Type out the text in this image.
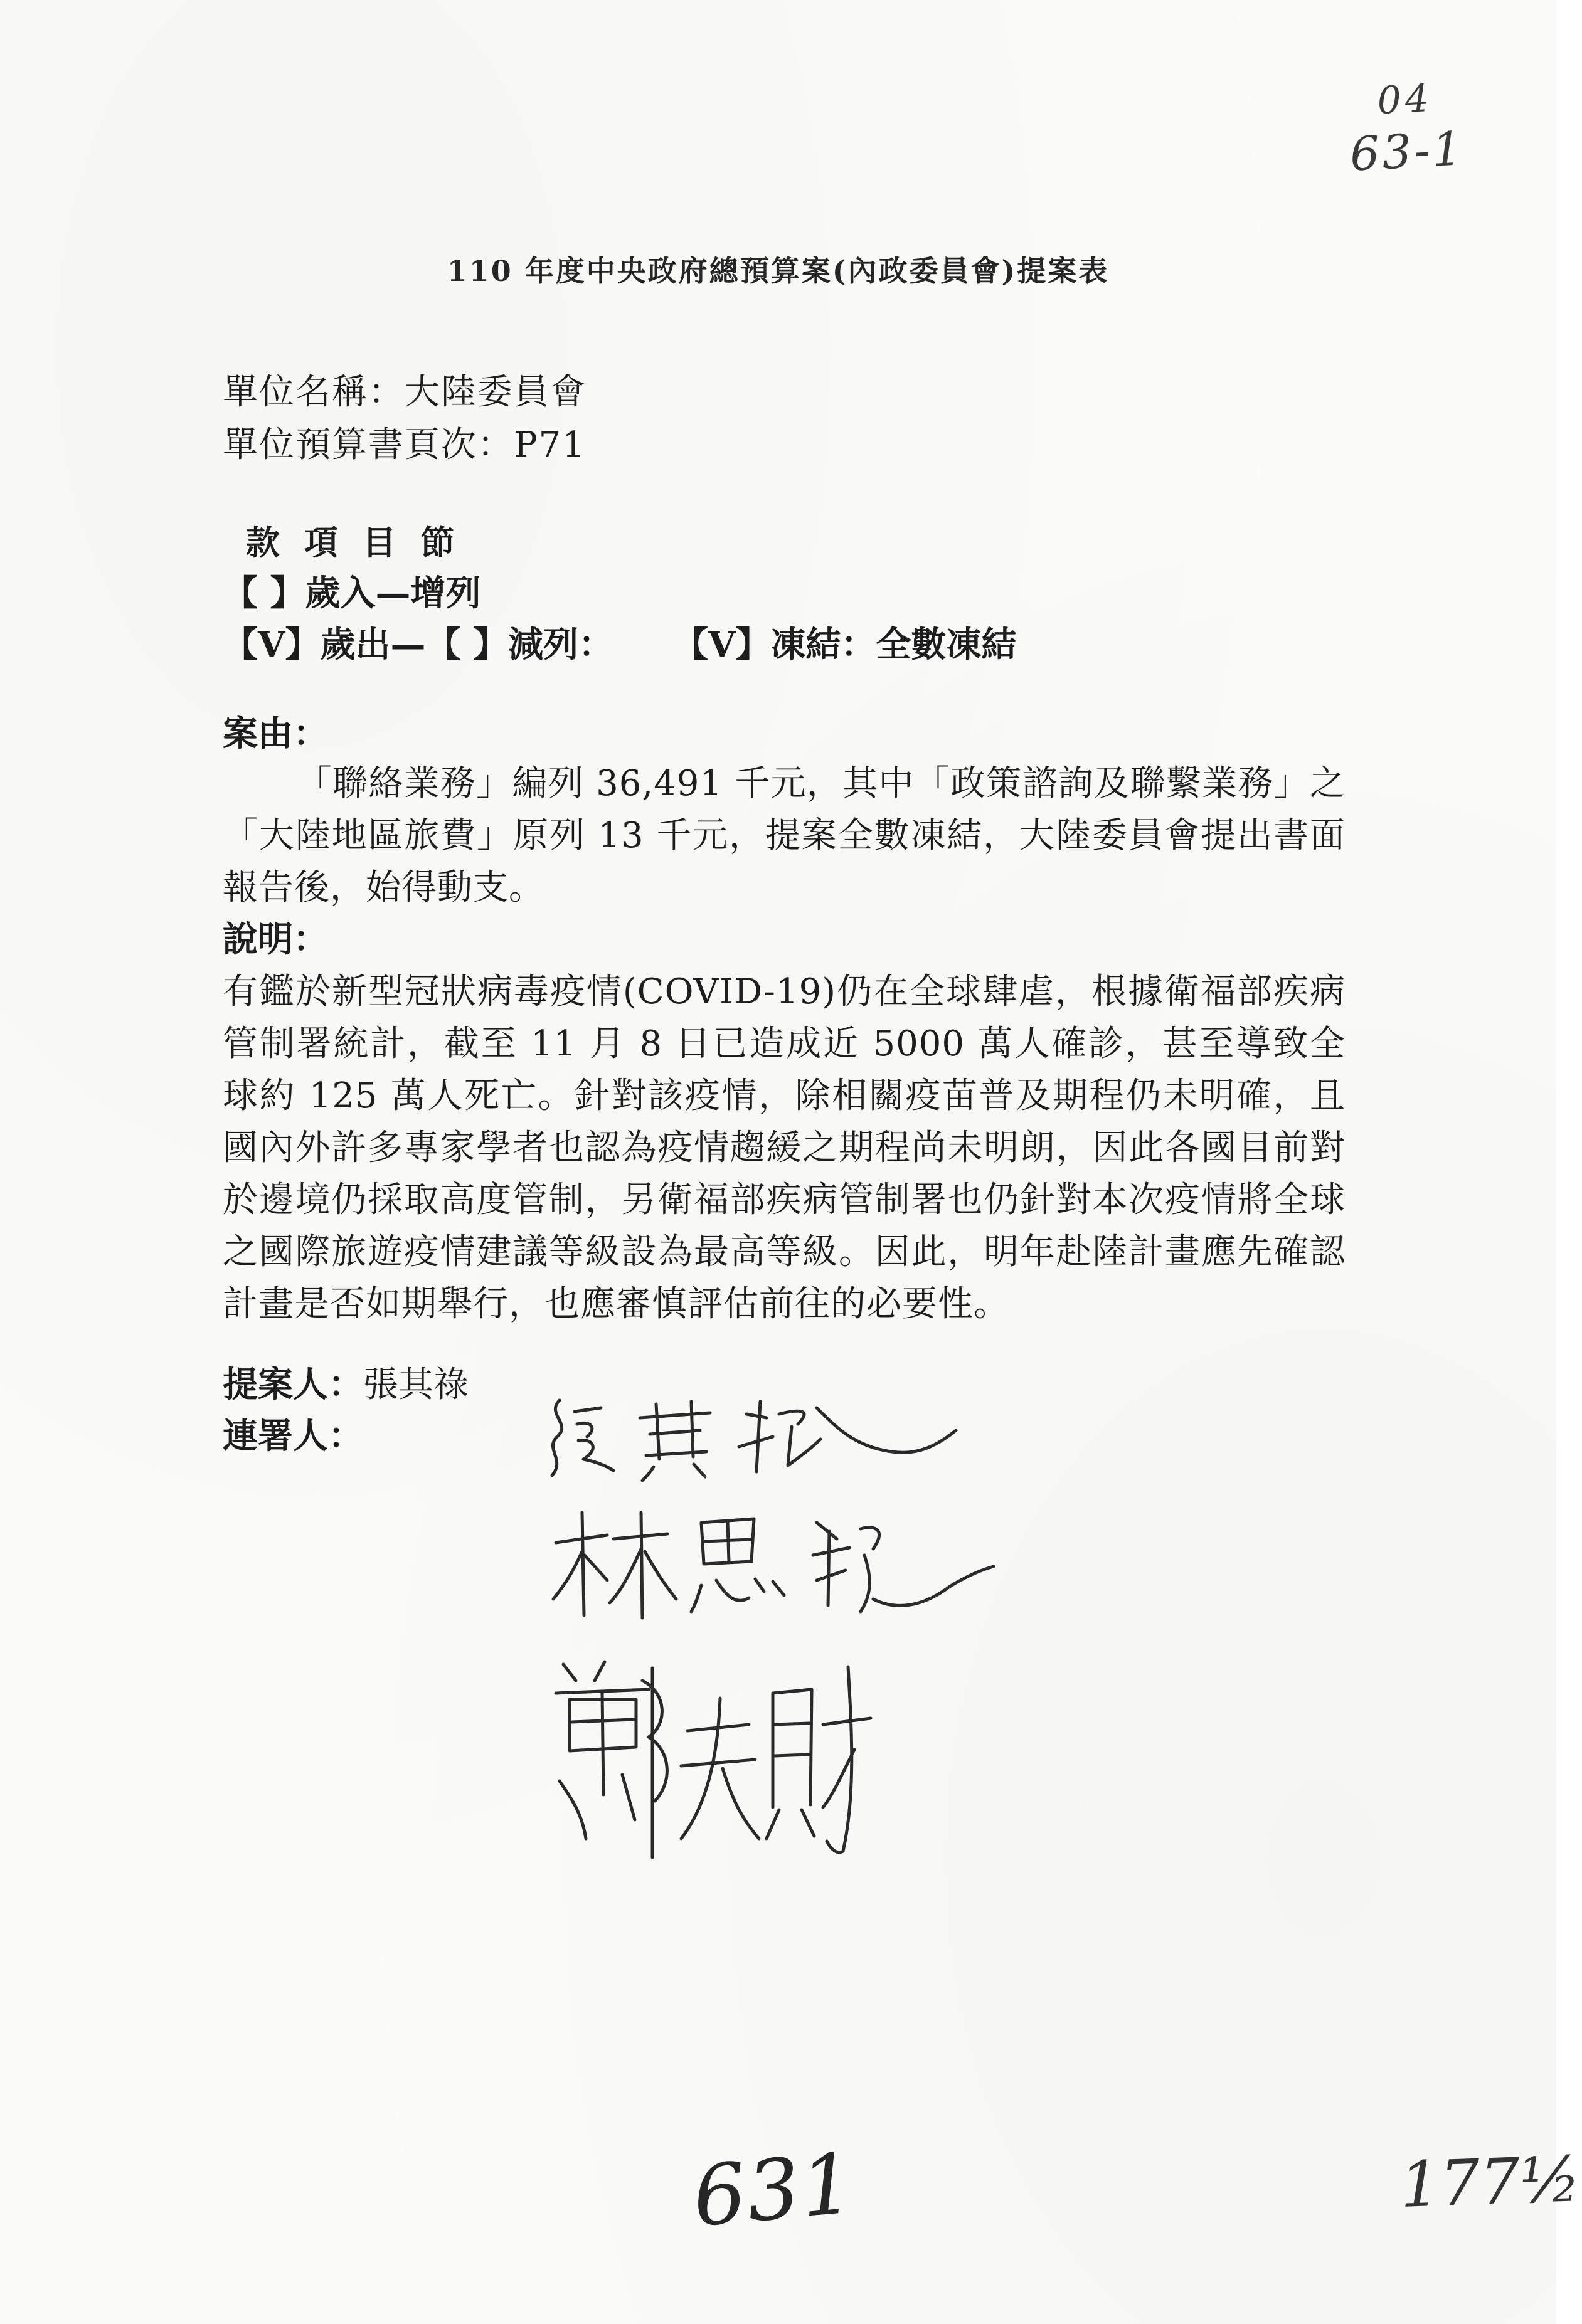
04
63-1
110 年度中央政府總預算案(內政委員會)提案表

單位名稱：大陸委員會

單位預算書頁次：P71

款 項 目 節

【 】歲入—增列

【V】歲出—【 】減列： 【V】凍結：全數凍結

案由：

「聯絡業務」編列 36,491 千元，其中「政策諮詢及聯繫業務」之「大陸地區旅費」原列 13 千元，提案全數凍結，大陸委員會提出書面報告後，始得動支。

說明：

有鑑於新型冠狀病毒疫情(COVID-19)仍在全球肆虐，根據衛福部疾病管制署統計，截至 11 月 8 日已造成近 5000 萬人確診，甚至導致全球約 125 萬人死亡。針對該疫情，除相關疫苗普及期程仍未明確，且國內外許多專家學者也認為疫情趨緩之期程尚未明朗，因此各國目前對於邊境仍採取高度管制，另衛福部疾病管制署也仍針對本次疫情將全球之國際旅遊疫情建議等級設為最高等級。因此，明年赴陸計畫應先確認計畫是否如期舉行，也應審慎評估前往的必要性。

提案人：張其祿

連署人：

631	177½
